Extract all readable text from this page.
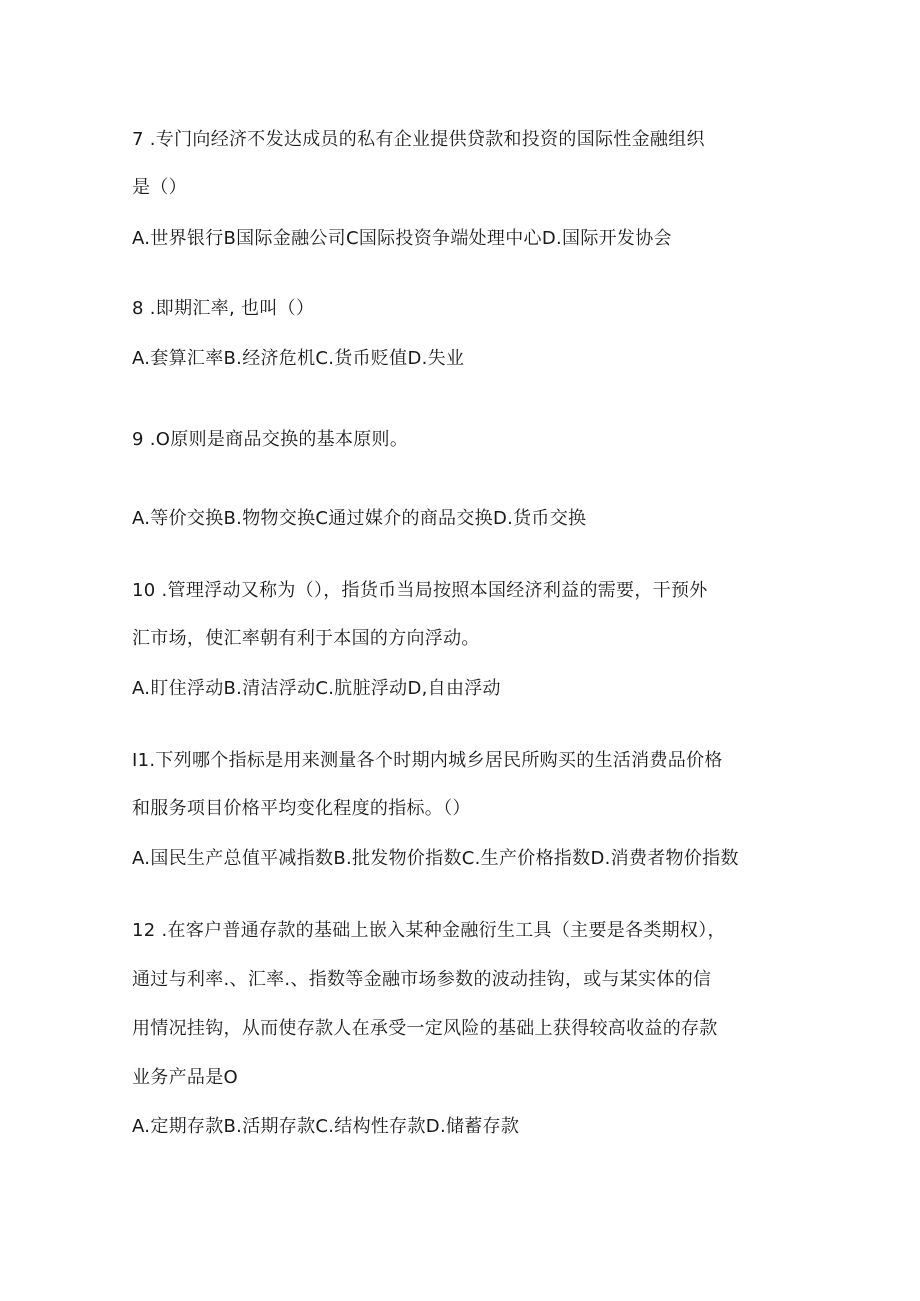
7 .专门向经济不发达成员的私有企业提供贷款和投资的国际性金融组织
是（）
A.世界银行B国际金融公司C国际投资争端处理中心D.国际开发协会
8 .即期汇率, 也叫（）
A.套算汇率B.经济危机C.货币贬值D.失业
9 .O原则是商品交换的基本原则。
A.等价交换B.物物交换C通过媒介的商品交换D.货币交换
10 .管理浮动又称为（），指货币当局按照本国经济利益的需要，干预外
汇市场，使汇率朝有利于本国的方向浮动。
A.盯住浮动B.清洁浮动C.肮脏浮动D,自由浮动
I1.下列哪个指标是用来测量各个时期内城乡居民所购买的生活消费品价格
和服务项目价格平均变化程度的指标。（）
A.国民生产总值平减指数B.批发物价指数C.生产价格指数D.消费者物价指数
12 .在客户普通存款的基础上嵌入某种金融衍生工具（主要是各类期权），
通过与利率.、汇率.、指数等金融市场参数的波动挂钩，或与某实体的信
用情况挂钩，从而使存款人在承受一定风险的基础上获得较高收益的存款
业务产品是O
A.定期存款B.活期存款C.结构性存款D.储蓄存款
